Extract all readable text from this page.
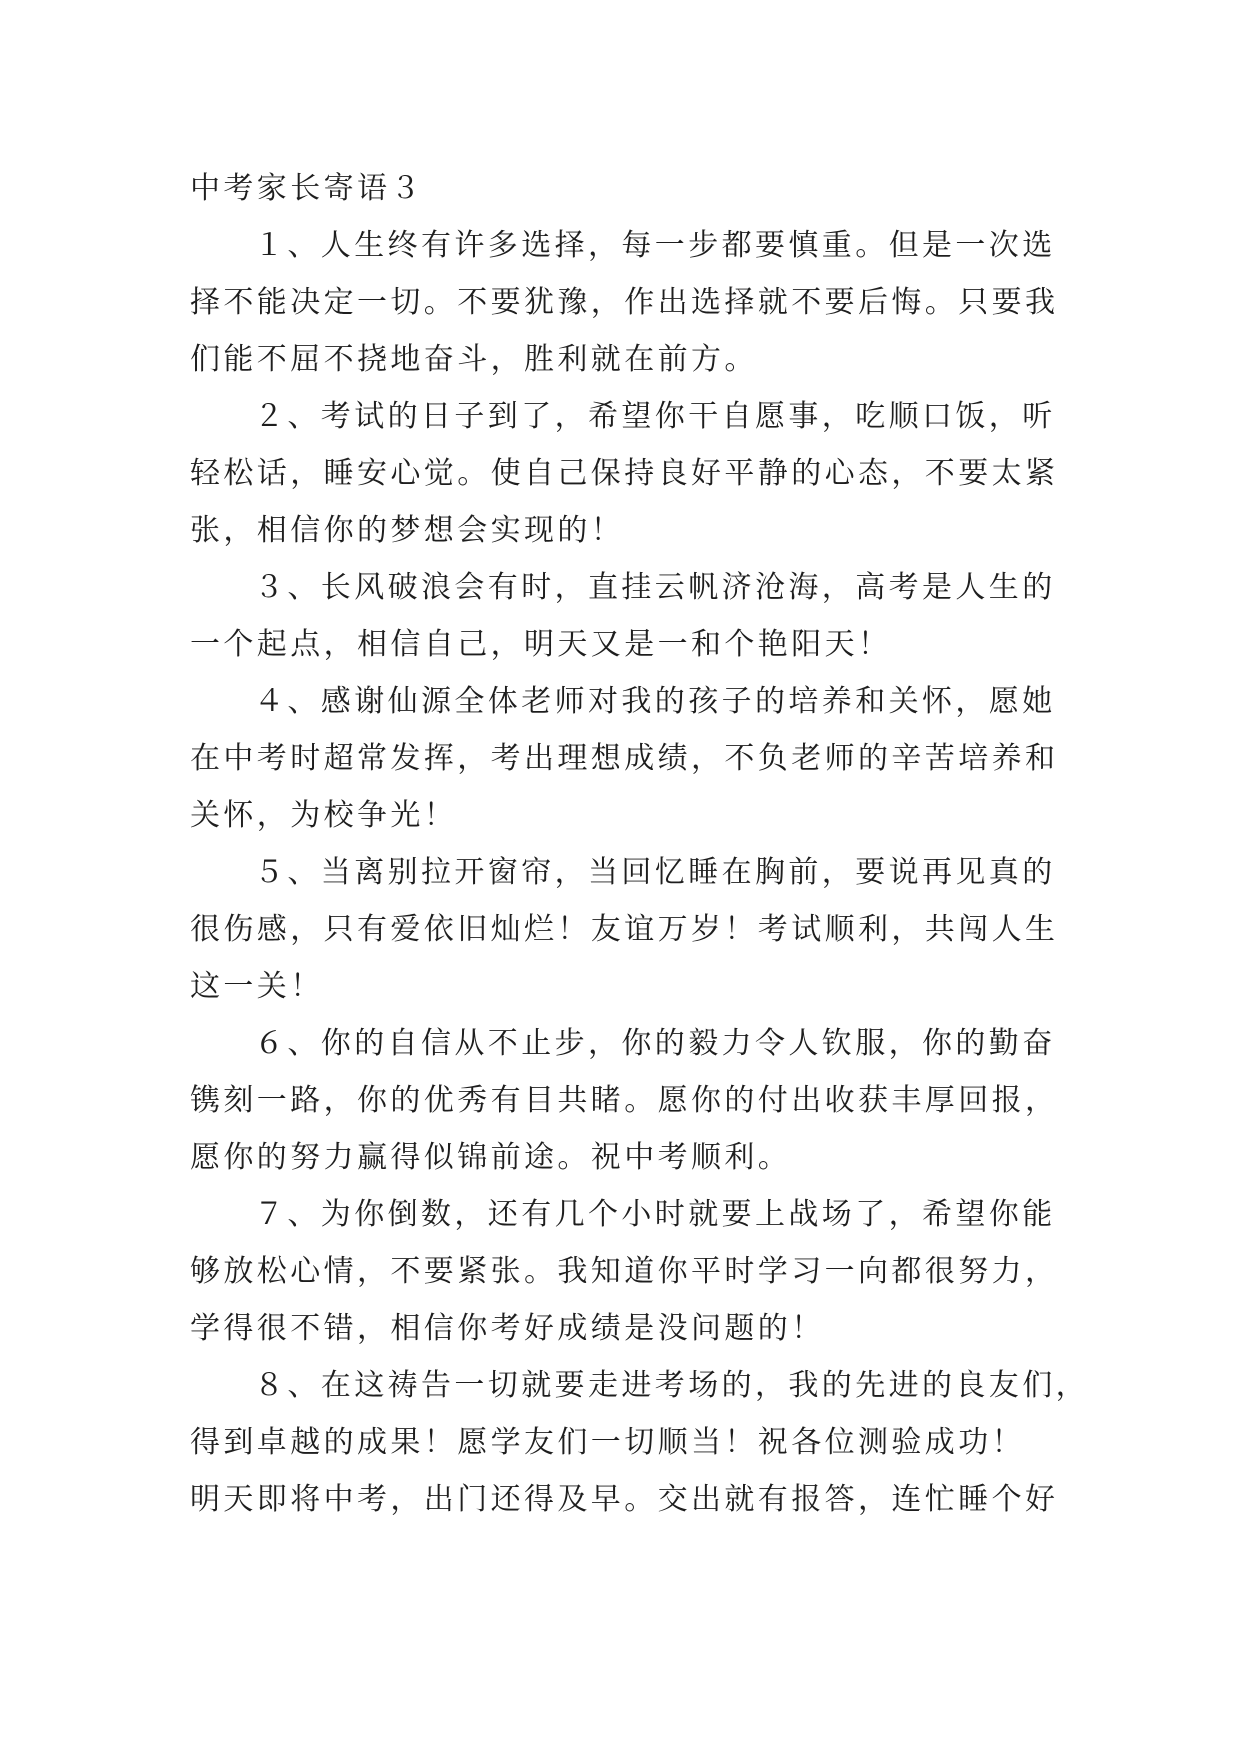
中考家长寄语３
１、人生终有许多选择，每一步都要慎重。但是一次选
择不能决定一切。不要犹豫，作出选择就不要后悔。只要我
们能不屈不挠地奋斗，胜利就在前方。
２、考试的日子到了，希望你干自愿事，吃顺口饭，听
轻松话，睡安心觉。使自己保持良好平静的心态，不要太紧
张，相信你的梦想会实现的！
３、长风破浪会有时，直挂云帆济沧海，高考是人生的
一个起点，相信自己，明天又是一和个艳阳天！
４、感谢仙源全体老师对我的孩子的培养和关怀，愿她
在中考时超常发挥，考出理想成绩，不负老师的辛苦培养和
关怀，为校争光！
５、当离别拉开窗帘，当回忆睡在胸前，要说再见真的
很伤感，只有爱依旧灿烂！友谊万岁！考试顺利，共闯人生
这一关！
６、你的自信从不止步，你的毅力令人钦服，你的勤奋
镌刻一路，你的优秀有目共睹。愿你的付出收获丰厚回报，
愿你的努力赢得似锦前途。祝中考顺利。
７、为你倒数，还有几个小时就要上战场了，希望你能
够放松心情，不要紧张。我知道你平时学习一向都很努力，
学得很不错，相信你考好成绩是没问题的！
８、在这祷告一切就要走进考场的，我的先进的良友们，
得到卓越的成果！愿学友们一切顺当！祝各位测验成功！
明天即将中考，出门还得及早。交出就有报答，连忙睡个好
